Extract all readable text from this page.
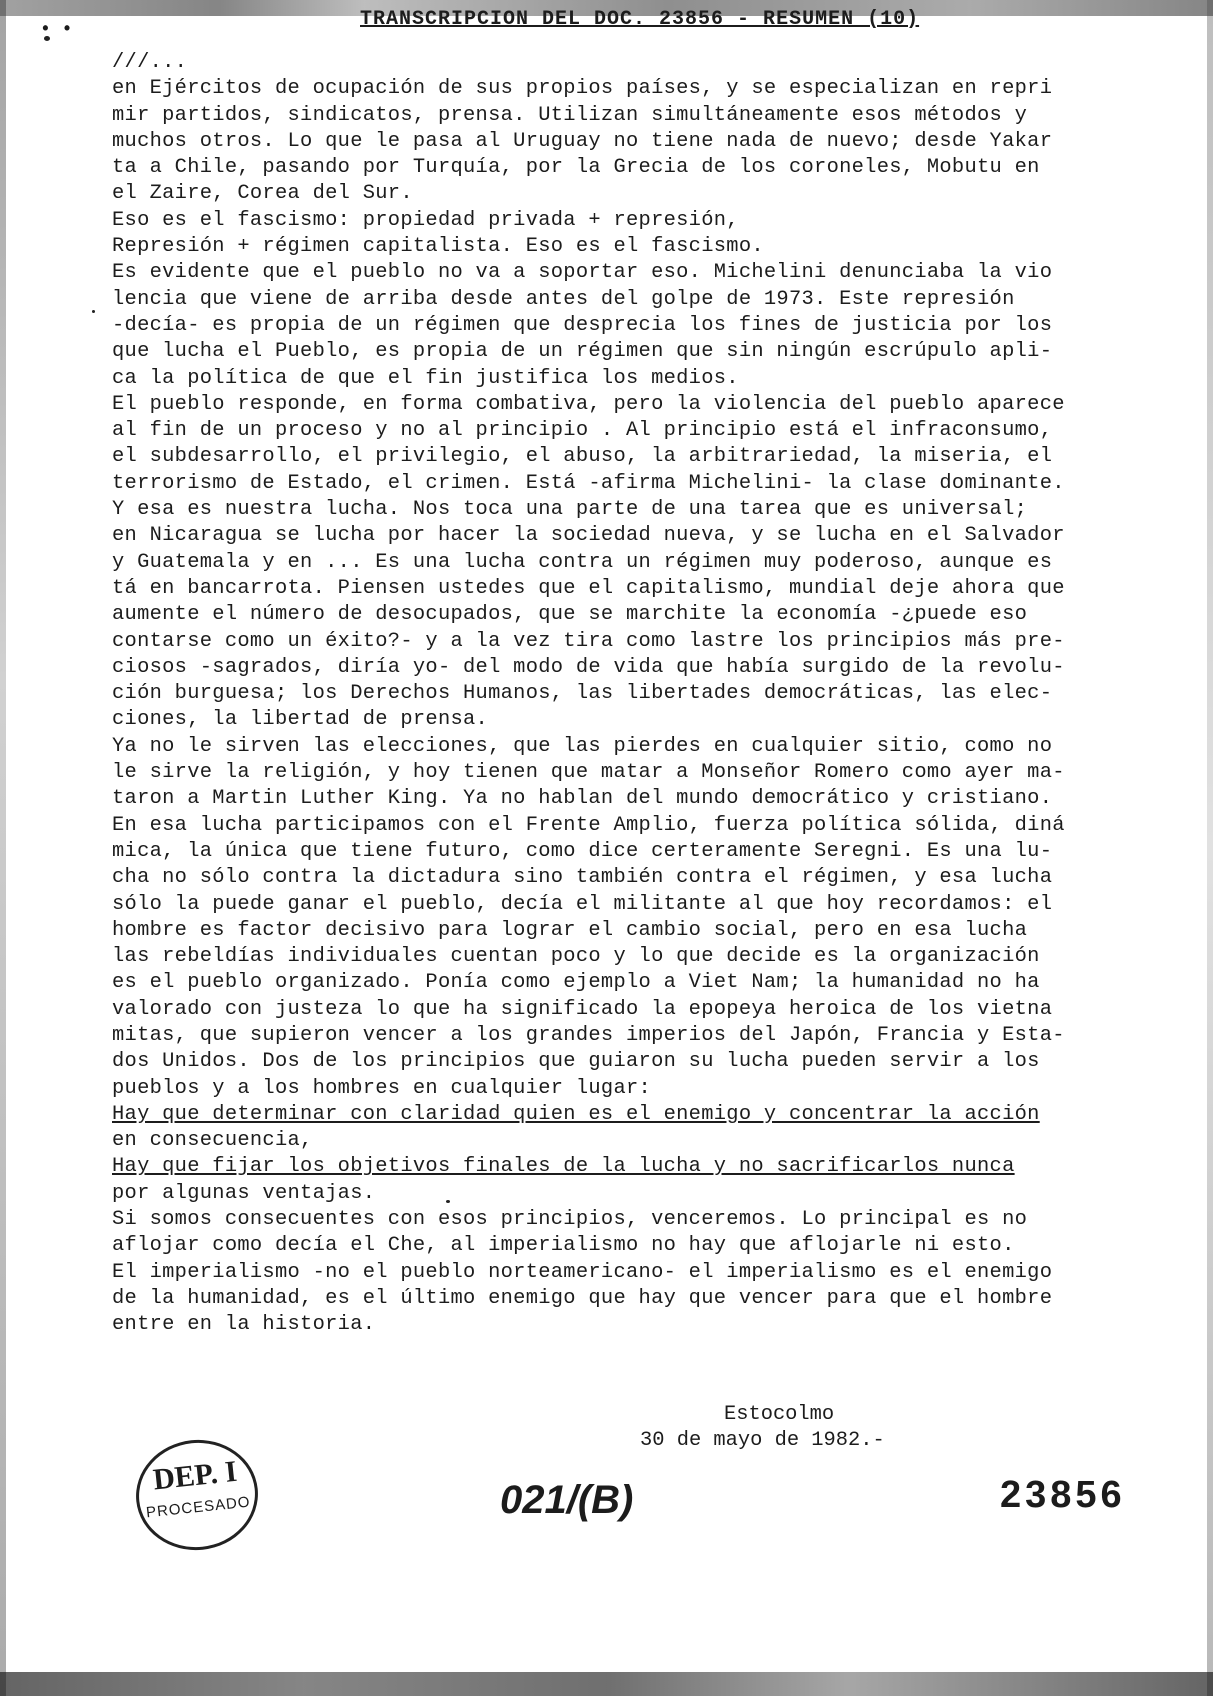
• •	TRANSCRIPCION DEL DOC. 23856 - RESUMEN (10)
///...
en Ejércitos de ocupación de sus propios países, y se especializan en repri
mir partidos, sindicatos, prensa. Utilizan simultáneamente esos métodos y
muchos otros. Lo que le pasa al Uruguay no tiene nada de nuevo; desde Yakar
ta a Chile, pasando por Turquía, por la Grecia de los coroneles, Mobutu en
el Zaire, Corea del Sur.
Eso es el fascismo: propiedad privada + represión,
Represión + régimen capitalista. Eso es el fascismo.
Es evidente que el pueblo no va a soportar eso. Michelini denunciaba la vio
lencia que viene de arriba desde antes del golpe de 1973. Este represión
-decía- es propia de un régimen que desprecia los fines de justicia por los
que lucha el Pueblo, es propia de un régimen que sin ningún escrúpulo apli-
ca la política de que el fin justifica los medios.
El pueblo responde, en forma combativa, pero la violencia del pueblo aparece
al fin de un proceso y no al principio . Al principio está el infraconsumo,
el subdesarrollo, el privilegio, el abuso, la arbitrariedad, la miseria, el
terrorismo de Estado, el crimen. Está -afirma Michelini- la clase dominante.
Y esa es nuestra lucha. Nos toca una parte de una tarea que es universal;
en Nicaragua se lucha por hacer la sociedad nueva, y se lucha en el Salvador
y Guatemala y en ... Es una lucha contra un régimen muy poderoso, aunque es
tá en bancarrota. Piensen ustedes que el capitalismo, mundial deje ahora que
aumente el número de desocupados, que se marchite la economía -¿puede eso
contarse como un éxito?- y a la vez tira como lastre los principios más pre-
ciosos -sagrados, diría yo- del modo de vida que había surgido de la revolu-
ción burguesa; los Derechos Humanos, las libertades democráticas, las elec-
ciones, la libertad de prensa.
Ya no le sirven las elecciones, que las pierdes en cualquier sitio, como no
le sirve la religión, y hoy tienen que matar a Monseñor Romero como ayer ma-
taron a Martin Luther King. Ya no hablan del mundo democrático y cristiano.
En esa lucha participamos con el Frente Amplio, fuerza política sólida, diná
mica, la única que tiene futuro, como dice certeramente Seregni. Es una lu-
cha no sólo contra la dictadura sino también contra el régimen, y esa lucha
sólo la puede ganar el pueblo, decía el militante al que hoy recordamos: el
hombre es factor decisivo para lograr el cambio social, pero en esa lucha
las rebeldías individuales cuentan poco y lo que decide es la organización
es el pueblo organizado. Ponía como ejemplo a Viet Nam; la humanidad no ha
valorado con justeza lo que ha significado la epopeya heroica de los vietna
mitas, que supieron vencer a los grandes imperios del Japón, Francia y Esta-
dos Unidos. Dos de los principios que guiaron su lucha pueden servir a los
pueblos y a los hombres en cualquier lugar:
Hay que determinar con claridad quien es el enemigo y concentrar la acción
en consecuencia,
Hay que fijar los objetivos finales de la lucha y no sacrificarlos nunca
por algunas ventajas.
Si somos consecuentes con esos principios, venceremos. Lo principal es no
aflojar como decía el Che, al imperialismo no hay que aflojarle ni esto.
El imperialismo -no el pueblo norteamericano- el imperialismo es el enemigo
de la humanidad, es el último enemigo que hay que vencer para que el hombre
entre en la historia.
Estocolmo
30 de mayo de 1982.-
DEP. I
PROCESADO	021/(B)	23856
